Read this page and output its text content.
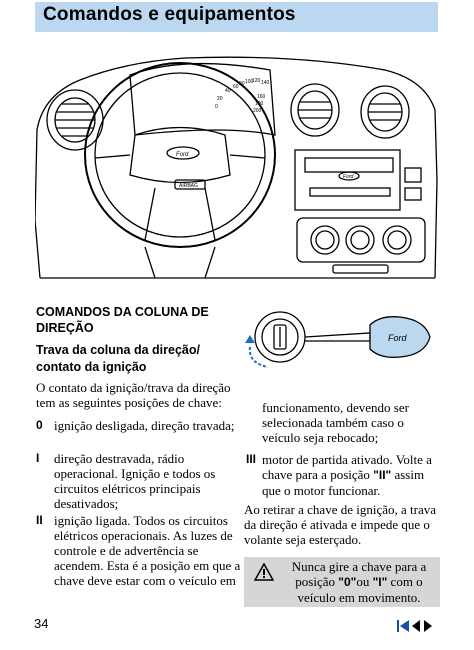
Comandos e equipamentos
60 80 100
120 140
40
160
20
190
0
200
Ford
AIRBAG
Ford
COMANDOS DA COLUNA DE DIREÇÃO
Trava da coluna da direção/ contato da ignição
Ford
O contato da ignição/trava da direção tem as seguintes posições de chave:
0 ignição desligada, direção travada;
I direção destravada, rádio operacional. Ignição e todos os circuitos elétricos principais desativados;
II ignição ligada. Todos os circuitos elétricos operacionais. As luzes de controle e de advertência se acendem. Esta é a posição em que a chave deve estar com o veículo em
funcionamento, devendo ser selecionada também caso o veículo seja rebocado;
III motor de partida ativado. Volte a chave para a posição "II" assim que o motor funcionar.
Ao retirar a chave de ignição, a trava da direção é ativada e impede que o volante seja esterçado.
Nunca gire a chave para a posição "0"ou "I" com o veículo em movimento.
34
